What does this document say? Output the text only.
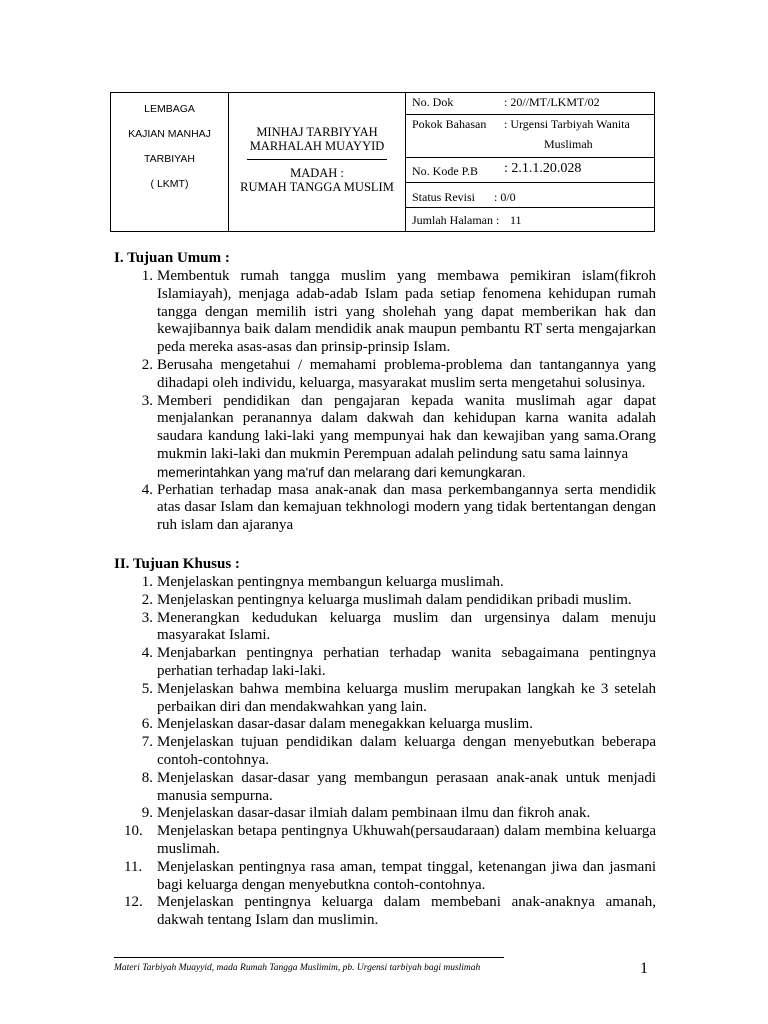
LEMBAGA
KAJIAN MANHAJ
TARBIYAH
( LKMT)
MINHAJ TARBIYYAH
MARHALAH MUAYYID
MADAH :
RUMAH TANGGA MUSLIM
No. Dok	: 20//MT/LKMT/02
Pokok Bahasan : Urgensi Tarbiyah Wanita
Muslimah
No. Kode P.B : 2.1.1.20.028
Status Revisi : 0/0
Jumlah Halaman : 11
I. Tujuan Umum :
1. Membentuk rumah tangga muslim yang membawa pemikiran islam(fikroh Islamiayah), menjaga adab-adab Islam pada setiap fenomena kehidupan rumah tangga dengan memilih istri yang sholehah yang dapat memberikan hak dan kewajibannya baik dalam mendidik anak maupun pembantu RT serta mengajarkan peda mereka asas-asas dan prinsip-prinsip Islam.
2. Berusaha mengetahui / memahami problema-problema dan tantangannya yang dihadapi oleh individu, keluarga, masyarakat muslim serta mengetahui solusinya.
3. Memberi pendidikan dan pengajaran kepada wanita muslimah agar dapat menjalankan peranannya dalam dakwah dan kehidupan karna wanita adalah saudara kandung laki-laki yang mempunyai hak dan kewajiban yang sama.Orang mukmin laki-laki dan mukmin Perempuan adalah pelindung satu sama lainnya
memerintahkan yang ma'ruf dan melarang dari kemungkaran.
4. Perhatian terhadap masa anak-anak dan masa perkembangannya serta mendidik atas dasar Islam dan kemajuan tekhnologi modern yang tidak bertentangan dengan ruh islam dan ajaranya
II. Tujuan Khusus :
1. Menjelaskan pentingnya membangun keluarga muslimah.
2. Menjelaskan pentingnya keluarga muslimah dalam pendidikan pribadi muslim.
3. Menerangkan kedudukan keluarga muslim dan urgensinya dalam menuju masyarakat Islami.
4. Menjabarkan pentingnya perhatian terhadap wanita sebagaimana pentingnya perhatian terhadap laki-laki.
5. Menjelaskan bahwa membina keluarga muslim merupakan langkah ke 3 setelah perbaikan diri dan mendakwahkan yang lain.
6. Menjelaskan dasar-dasar dalam menegakkan keluarga muslim.
7. Menjelaskan tujuan pendidikan dalam keluarga dengan menyebutkan beberapa contoh-contohnya.
8. Menjelaskan dasar-dasar yang membangun perasaan anak-anak untuk menjadi manusia sempurna.
9. Menjelaskan dasar-dasar ilmiah dalam pembinaan ilmu dan fikroh anak.
10. Menjelaskan betapa pentingnya Ukhuwah(persaudaraan) dalam membina keluarga muslimah.
11. Menjelaskan pentingnya rasa aman, tempat tinggal, ketenangan jiwa dan jasmani bagi keluarga dengan menyebutkna contoh-contohnya.
12. Menjelaskan pentingnya keluarga dalam membebani anak-anaknya amanah, dakwah tentang Islam dan muslimin.
Materi Tarbiyah Muayyid, mada Rumah Tangga Muslimim, pb. Urgensi tarbiyah bagi muslimah	1
